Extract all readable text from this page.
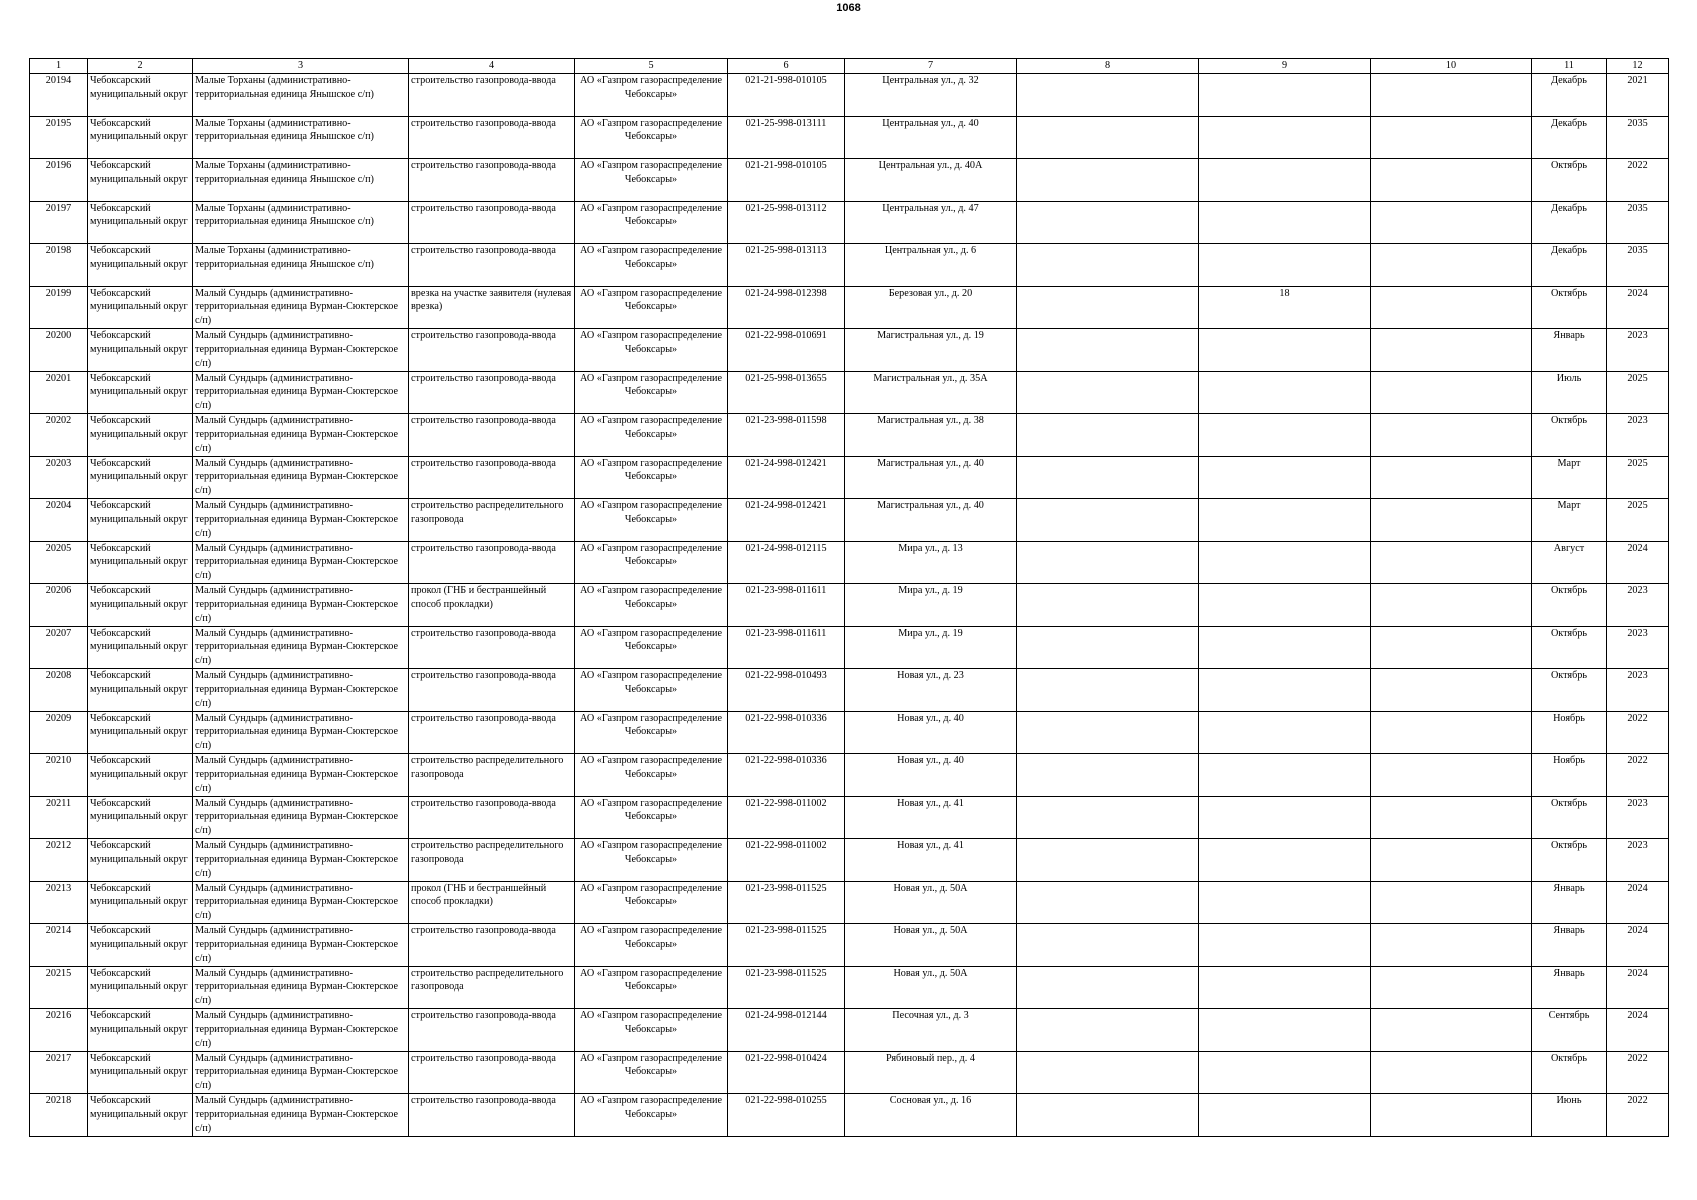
1068
1	2	3	4	5	6	7	8	9	10	11	12

20194	Чебоксарский муниципальный округ	Малые Торханы (административно-территориальная единица Янышское с/п)	строительство газопровода-ввода	АО «Газпром газораспределение Чебоксары»	021-21-998-010105	Центральная ул., д. 32				Декабрь	2021

20195	Чебоксарский муниципальный округ	Малые Торханы (административно-территориальная единица Янышское с/п)	строительство газопровода-ввода	АО «Газпром газораспределение Чебоксары»	021-25-998-013111	Центральная ул., д. 40				Декабрь	2035

20196	Чебоксарский муниципальный округ	Малые Торханы (административно-территориальная единица Янышское с/п)	строительство газопровода-ввода	АО «Газпром газораспределение Чебоксары»	021-21-998-010105	Центральная ул., д. 40А				Октябрь	2022

20197	Чебоксарский муниципальный округ	Малые Торханы (административно-территориальная единица Янышское с/п)	строительство газопровода-ввода	АО «Газпром газораспределение Чебоксары»	021-25-998-013112	Центральная ул., д. 47				Декабрь	2035

20198	Чебоксарский муниципальный округ	Малые Торханы (административно-территориальная единица Янышское с/п)	строительство газопровода-ввода	АО «Газпром газораспределение Чебоксары»	021-25-998-013113	Центральная ул., д. 6				Декабрь	2035

20199	Чебоксарский муниципальный округ	Малый Сундырь (административно-территориальная единица Вурман-Сюктерское с/п)	врезка на участке заявителя (нулевая врезка)	АО «Газпром газораспределение Чебоксары»	021-24-998-012398	Березовая ул., д. 20		18		Октябрь	2024

20200	Чебоксарский муниципальный округ	Малый Сундырь (административно-территориальная единица Вурман-Сюктерское с/п)	строительство газопровода-ввода	АО «Газпром газораспределение Чебоксары»	021-22-998-010691	Магистральная ул., д. 19				Январь	2023

20201	Чебоксарский муниципальный округ	Малый Сундырь (административно-территориальная единица Вурман-Сюктерское с/п)	строительство газопровода-ввода	АО «Газпром газораспределение Чебоксары»	021-25-998-013655	Магистральная ул., д. 35А				Июль	2025

20202	Чебоксарский муниципальный округ	Малый Сундырь (административно-территориальная единица Вурман-Сюктерское с/п)	строительство газопровода-ввода	АО «Газпром газораспределение Чебоксары»	021-23-998-011598	Магистральная ул., д. 38				Октябрь	2023

20203	Чебоксарский муниципальный округ	Малый Сундырь (административно-территориальная единица Вурман-Сюктерское с/п)	строительство газопровода-ввода	АО «Газпром газораспределение Чебоксары»	021-24-998-012421	Магистральная ул., д. 40				Март	2025

20204	Чебоксарский муниципальный округ	Малый Сундырь (административно-территориальная единица Вурман-Сюктерское с/п)	строительство распределительного газопровода	АО «Газпром газораспределение Чебоксары»	021-24-998-012421	Магистральная ул., д. 40				Март	2025

20205	Чебоксарский муниципальный округ	Малый Сундырь (административно-территориальная единица Вурман-Сюктерское с/п)	строительство газопровода-ввода	АО «Газпром газораспределение Чебоксары»	021-24-998-012115	Мира ул., д. 13				Август	2024

20206	Чебоксарский муниципальный округ	Малый Сундырь (административно-территориальная единица Вурман-Сюктерское с/п)	прокол (ГНБ и бестраншейный способ прокладки)	АО «Газпром газораспределение Чебоксары»	021-23-998-011611	Мира ул., д. 19				Октябрь	2023

20207	Чебоксарский муниципальный округ	Малый Сундырь (административно-территориальная единица Вурман-Сюктерское с/п)	строительство газопровода-ввода	АО «Газпром газораспределение Чебоксары»	021-23-998-011611	Мира ул., д. 19				Октябрь	2023

20208	Чебоксарский муниципальный округ	Малый Сундырь (административно-территориальная единица Вурман-Сюктерское с/п)	строительство газопровода-ввода	АО «Газпром газораспределение Чебоксары»	021-22-998-010493	Новая ул., д. 23				Октябрь	2023

20209	Чебоксарский муниципальный округ	Малый Сундырь (административно-территориальная единица Вурман-Сюктерское с/п)	строительство газопровода-ввода	АО «Газпром газораспределение Чебоксары»	021-22-998-010336	Новая ул., д. 40				Ноябрь	2022

20210	Чебоксарский муниципальный округ	Малый Сундырь (административно-территориальная единица Вурман-Сюктерское с/п)	строительство распределительного газопровода	АО «Газпром газораспределение Чебоксары»	021-22-998-010336	Новая ул., д. 40				Ноябрь	2022

20211	Чебоксарский муниципальный округ	Малый Сундырь (административно-территориальная единица Вурман-Сюктерское с/п)	строительство газопровода-ввода	АО «Газпром газораспределение Чебоксары»	021-22-998-011002	Новая ул., д. 41				Октябрь	2023

20212	Чебоксарский муниципальный округ	Малый Сундырь (административно-территориальная единица Вурман-Сюктерское с/п)	строительство распределительного газопровода	АО «Газпром газораспределение Чебоксары»	021-22-998-011002	Новая ул., д. 41				Октябрь	2023

20213	Чебоксарский муниципальный округ	Малый Сундырь (административно-территориальная единица Вурман-Сюктерское с/п)	прокол (ГНБ и бестраншейный способ прокладки)	АО «Газпром газораспределение Чебоксары»	021-23-998-011525	Новая ул., д. 50А				Январь	2024

20214	Чебоксарский муниципальный округ	Малый Сундырь (административно-территориальная единица Вурман-Сюктерское с/п)	строительство газопровода-ввода	АО «Газпром газораспределение Чебоксары»	021-23-998-011525	Новая ул., д. 50А				Январь	2024

20215	Чебоксарский муниципальный округ	Малый Сундырь (административно-территориальная единица Вурман-Сюктерское с/п)	строительство распределительного газопровода	АО «Газпром газораспределение Чебоксары»	021-23-998-011525	Новая ул., д. 50А				Январь	2024

20216	Чебоксарский муниципальный округ	Малый Сундырь (административно-территориальная единица Вурман-Сюктерское с/п)	строительство газопровода-ввода	АО «Газпром газораспределение Чебоксары»	021-24-998-012144	Песочная ул., д. 3				Сентябрь	2024

20217	Чебоксарский муниципальный округ	Малый Сундырь (административно-территориальная единица Вурман-Сюктерское с/п)	строительство газопровода-ввода	АО «Газпром газораспределение Чебоксары»	021-22-998-010424	Рябиновый пер., д. 4				Октябрь	2022

20218	Чебоксарский муниципальный округ	Малый Сундырь (административно-территориальная единица Вурман-Сюктерское с/п)	строительство газопровода-ввода	АО «Газпром газораспределение Чебоксары»	021-22-998-010255	Сосновая ул., д. 16				Июнь	2022
